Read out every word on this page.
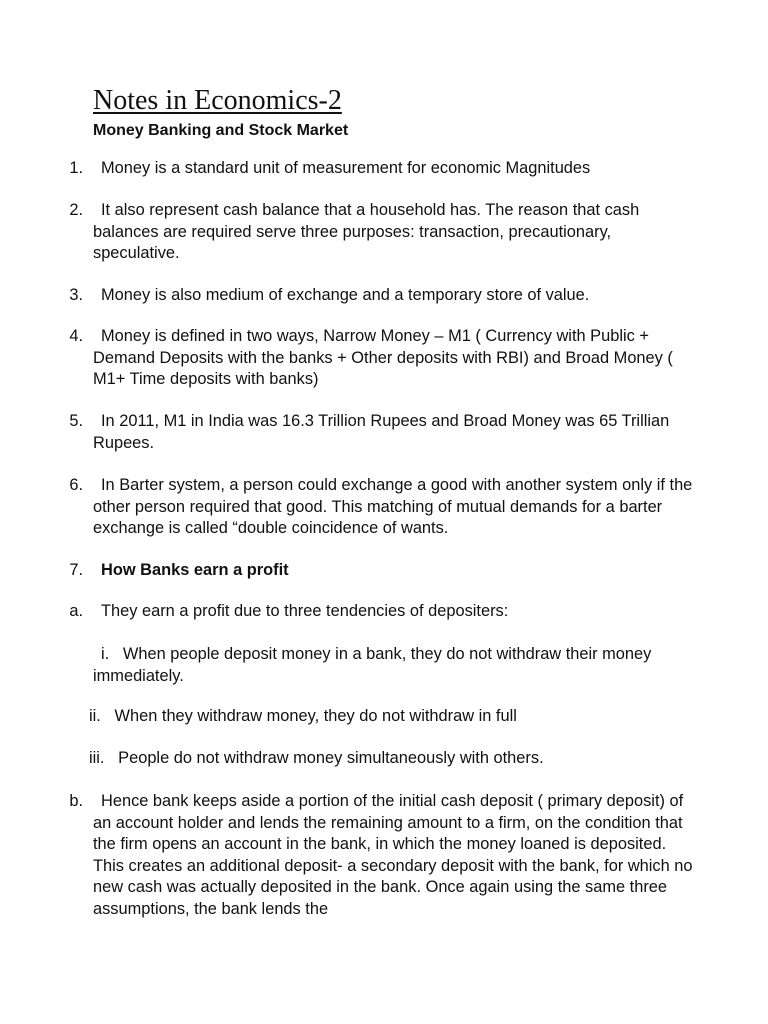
Notes in Economics-2
Money Banking and Stock Market
1.	Money is a standard unit of measurement for economic Magnitudes
2.	It also represent cash balance that a household has. The reason that cash balances are required serve three purposes: transaction, precautionary, speculative.
3.	Money is also medium of exchange and a temporary store of value.
4.	Money is defined in two ways, Narrow Money – M1 ( Currency with Public + Demand Deposits with the banks + Other deposits with RBI) and Broad Money ( M1+ Time deposits with banks)
5.	In 2011, M1 in India was 16.3 Trillion Rupees and Broad Money was 65 Trillian Rupees.
6.	In Barter system, a person could exchange a good with another system only if the other person required that good. This matching of mutual demands for a barter exchange is called “double coincidence of wants.
7.	How Banks earn a profit
a.	They earn a profit due to three tendencies of depositers:
i. When people deposit money in a bank, they do not withdraw their money immediately.
ii. When they withdraw money, they do not withdraw in full
iii. People do not withdraw money simultaneously with others.
b.	Hence bank keeps aside a portion of the initial cash deposit ( primary deposit) of an account holder and lends the remaining amount to a firm, on the condition that the firm opens an account in the bank, in which the money loaned is deposited. This creates an additional deposit- a secondary deposit with the bank, for which no new cash was actually deposited in the bank. Once again using the same three assumptions, the bank lends the
